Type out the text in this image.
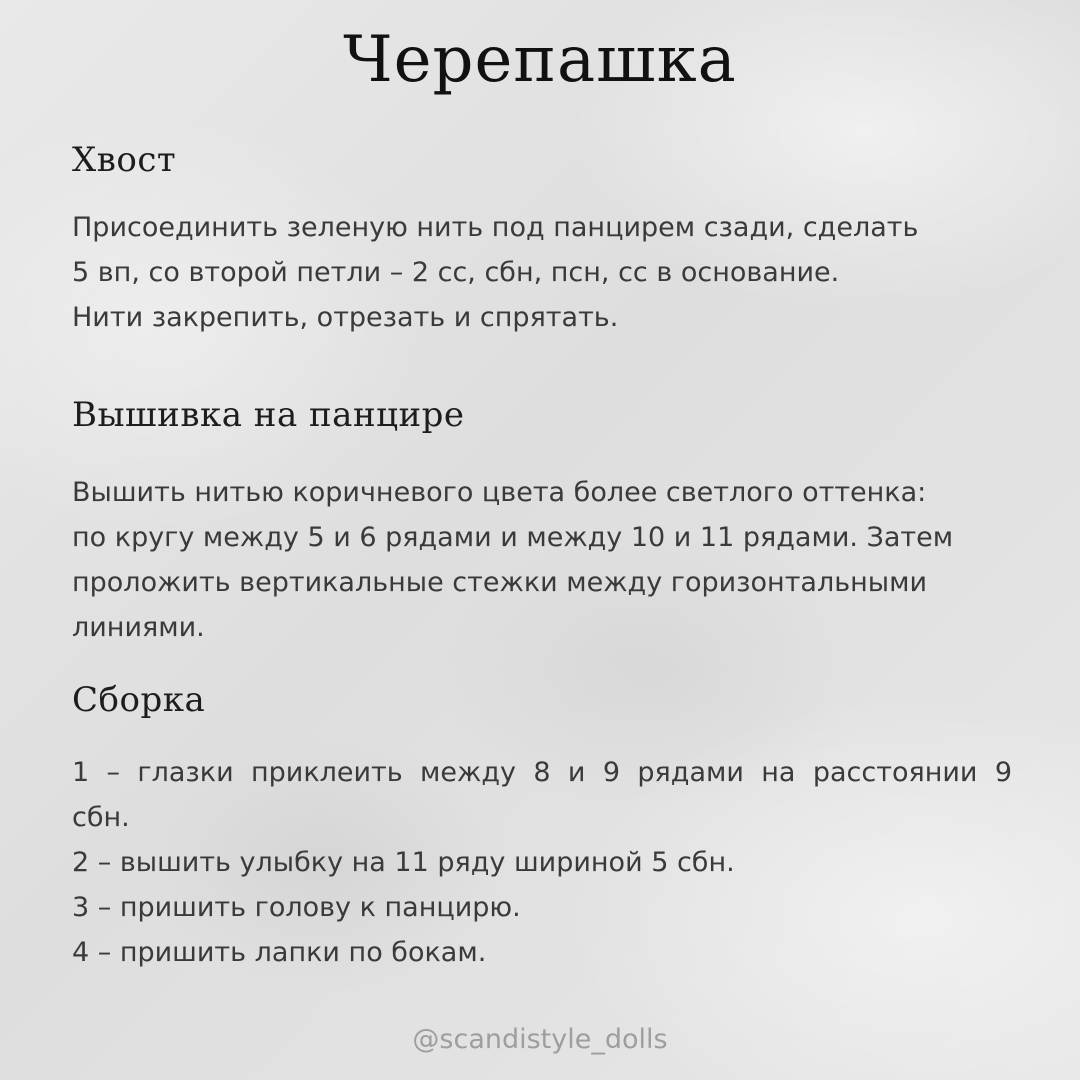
Черепашка
Хвост

Присоединить зеленую нить под панцирем сзади, сделать
5 вп, со второй петли – 2 сс, сбн, псн, сс в основание.
Нити закрепить, отрезать и спрятать.

Вышивка на панцире

Вышить нитью коричневого цвета более светлого оттенка:
по кругу между 5 и 6 рядами и между 10 и 11 рядами. Затем
проложить вертикальные стежки между горизонтальными
линиями.

Сборка

1 – глазки приклеить между 8 и 9 рядами на расстоянии 9
сбн.
2 – вышить улыбку на 11 ряду шириной 5 сбн.
3 – пришить голову к панцирю.
4 – пришить лапки по бокам.

@scandistyle_dolls
